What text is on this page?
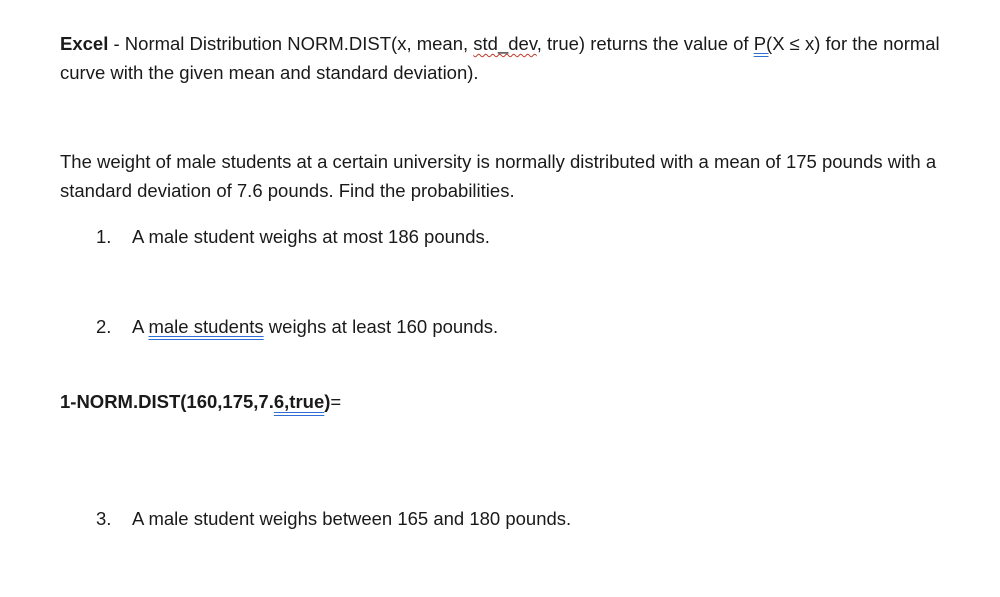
Excel - Normal Distribution NORM.DIST(x, mean, std_dev, true) returns the value of P(X ≤ x) for the normal curve with the given mean and standard deviation).

The weight of male students at a certain university is normally distributed with a mean of 175 pounds with a standard deviation of 7.6 pounds. Find the probabilities.

1. A male student weighs at most 186 pounds.
2. A male students weighs at least 160 pounds.
1-NORM.DIST(160,175,7.6,true)=
3. A male student weighs between 165 and 180 pounds.
